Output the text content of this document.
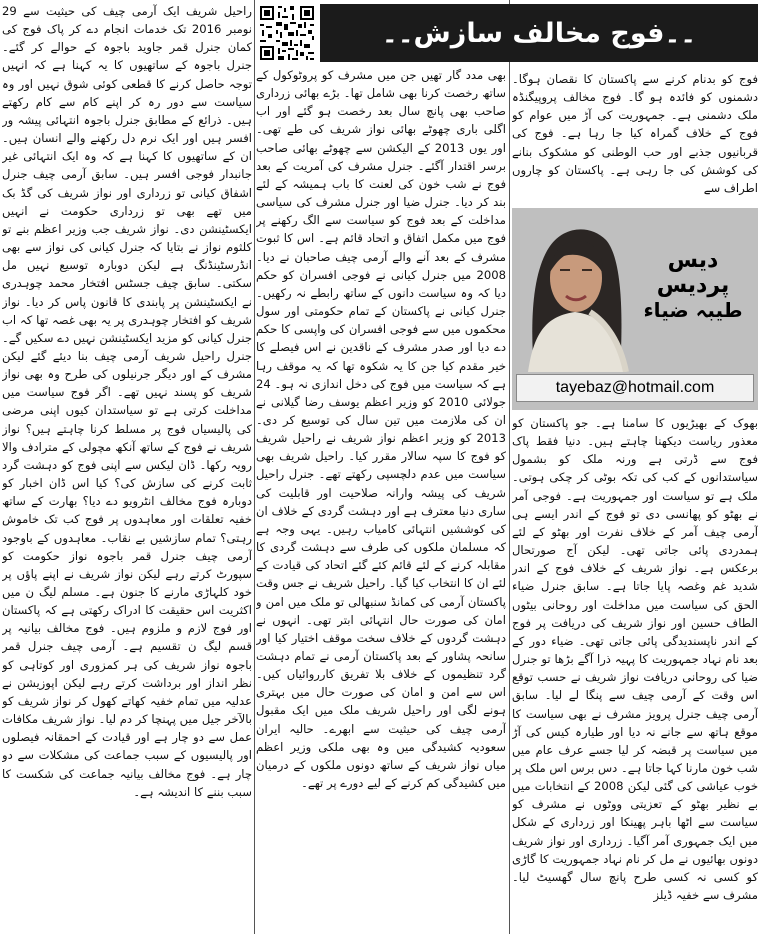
۔۔فوج مخالف سازش۔۔

فوج کو بدنام کرنے سے پاکستان کا نقصان ہوگا۔ دشمنوں کو فائدہ ہو گا۔ فوج مخالف پروپیگنڈہ ملک دشمنی ہے۔ جمہوریت کی آڑ میں عوام کو فوج کے خلاف گمراہ کیا جا رہا ہے۔ فوج کی قربانیوں جذبے اور حب الوطنی کو مشکوک بنانے کی کوشش کی جا رہی ہے۔ پاکستان کو چاروں اطراف سے

دیس پردیس
طیبہ ضیاء
tayebaz@hotmail.com

بھوک کے بھیڑیوں کا سامنا ہے۔ جو پاکستان کو معذور ریاست دیکھنا چاہتے ہیں۔ دنیا فقط پاک فوج سے ڈرتی ہے ورنہ ملک کو بشمول سیاستدانوں کے کب کی تکہ بوٹی کر چکی ہوتی۔ ملک ہے تو سیاست اور جمہوریت ہے۔ فوجی آمر نے بھٹو کو پھانسی دی تو فوج کے اندر ایسے ہی آرمی چیف آمر کے خلاف نفرت اور بھٹو کے لئے ہمدردی پائی جاتی تھی۔ لیکن آج صورتحال برعکس ہے۔ نواز شریف کے خلاف فوج کے اندر شدید غم وغصہ پایا جاتا ہے۔ سابق جنرل ضیاء الحق کی سیاست میں مداخلت اور روحانی بیٹوں الطاف حسین اور نواز شریف کی دریافت پر فوج کے اندر ناپسندیدگی پائی جاتی تھی۔ ضیاء دور کے بعد نام نہاد جمہوریت کا پہیہ ذرا آگے بڑھا تو جنرل ضیا کی روحانی دریافت نواز شریف نے حسب توقع اس وقت کے آرمی چیف سے پنگا لے لیا۔ سابق آرمی چیف جنرل پرویز مشرف نے بھی سیاست کا موقع ہاتھ سے جانے نہ دیا اور طیارہ کیس کی آڑ میں سیاست پر قبضہ کر لیا جسے عرف عام میں شب خون مارنا کہا جاتا ہے۔ دس برس اس ملک پر خوب عیاشی کی گئی لیکن 2008 کے انتخابات میں بے نظیر بھٹو کے تعزیتی ووٹوں نے مشرف کو سیاست سے اٹھا باہر پھینکا اور زرداری کے شکل میں ایک جمہوری آمر آگیا۔ زرداری اور نواز شریف دونوں بھائیوں نے مل کر نام نہاد جمہوریت کا گاڑی کو کسی نہ کسی طرح پانچ سال گھسیٹ لیا۔ مشرف سے خفیہ ڈیلز

بھی مدد گار تھیں جن میں مشرف کو پروٹوکول کے ساتھ رخصت کرنا بھی شامل تھا۔ بڑے بھائی زرداری صاحب بھی پانچ سال بعد رخصت ہو گئے اور اب اگلی باری چھوٹے بھائی نواز شریف کی طے تھی۔ اور یوں 2013 کے الیکشن سے چھوٹے بھائی صاحب برسر اقتدار آگئے۔ جنرل مشرف کی آمریت کے بعد فوج نے شب خون کی لعنت کا باب ہمیشہ کے لئے بند کر دیا۔ جنرل ضیا اور جنرل مشرف کی سیاسی مداخلت کے بعد فوج کو سیاست سے الگ رکھنے پر فوج میں مکمل اتفاق و اتحاد قائم ہے۔ اس کا ثبوت مشرف کے بعد آنے والے آرمی چیف صاحبان نے دیا۔ 2008 میں جنرل کیانی نے فوجی افسران کو حکم دیا کہ وہ سیاست دانوں کے ساتھ رابطے نہ رکھیں۔ جنرل کیانی نے پاکستان کے تمام حکومتی اور سول محکموں میں سے فوجی افسران کی واپسی کا حکم دے دیا اور صدر مشرف کے ناقدین نے اس فیصلے کا خیر مقدم کیا جن کا یہ شکوہ تھا کہ یہ موقف رہا ہے کہ سیاست میں فوج کی دخل اندازی نہ ہو۔ 24 جولائی 2010 کو وزیر اعظم یوسف رضا گیلانی نے ان کی ملازمت میں تین سال کی توسیع کر دی۔ 2013 کو وزیر اعظم نواز شریف نے راحیل شریف کو فوج کا سپہ سالار مقرر کیا۔ راحیل شریف بھی سیاست میں عدم دلچسپی رکھتے تھے۔ جنرل راحیل شریف کی پیشہ وارانہ صلاحیت اور قابلیت کی ساری دنیا معترف ہے اور دہشت گردی کے خلاف ان کی کوششیں انتہائی کامیاب رہیں۔ یہی وجہ ہے کہ مسلمان ملکوں کی طرف سے دہشت گردی کا مقابلہ کرنے کے لئے قائم کئے گئے اتحاد کی قیادت کے لئے ان کا انتخاب کیا گیا۔ راحیل شریف نے جس وقت پاکستان آرمی کی کمانڈ سنبھالی تو ملک میں امن و امان کی صورت حال انتہائی ابتر تھی۔ انہوں نے دہشت گردوں کے خلاف سخت موقف اختیار کیا اور سانحہ پشاور کے بعد پاکستان آرمی نے تمام دہشت گرد تنظیموں کے خلاف بلا تفریق کارروائیاں کیں۔ اس سے امن و امان کی صورت حال میں بہتری ہونے لگی اور راحیل شریف ملک میں ایک مقبول آرمی چیف کی حیثیت سے ابھرے۔ حالیہ ایران سعودیہ کشیدگی میں وہ بھی ملکی وزیر اعظم میاں نواز شریف کے ساتھ دونوں ملکوں کے درمیان میں کشیدگی کم کرنے کے لیے دورے پر تھے۔

راحیل شریف ایک آرمی چیف کی حیثیت سے 29 نومبر 2016 تک خدمات انجام دے کر پاک فوج کی کمان جنرل قمر جاوید باجوہ کے حوالے کر گئے۔ جنرل باجوہ کے ساتھیوں کا یہ کہنا ہے کہ انہیں توجہ حاصل کرنے کا قطعی کوئی شوق نہیں اور وہ سیاست سے دور رہ کر اپنے کام سے کام رکھتے ہیں۔ ذرائع کے مطابق جنرل باجوہ انتہائی پیشہ ور افسر ہیں اور ایک نرم دل رکھنے والے انسان ہیں۔ ان کے ساتھیوں کا کہنا ہے کہ وہ ایک انتہائی غیر جانبدار فوجی افسر ہیں۔ سابق آرمی چیف جنرل اشفاق کیانی تو زرداری اور نواز شریف کی گڈ بک میں تھے بھی تو زرداری حکومت نے انہیں ایکسٹینشن دی۔ نواز شریف جب وزیر اعظم بنے تو کلثوم نواز نے بتایا کہ جنرل کیانی کی نواز سے بھی انڈرسٹینڈنگ ہے لیکن دوبارہ توسیع نہیں مل سکتی۔ سابق چیف جسٹس افتخار محمد چوہدری نے ایکسٹینشن پر پابندی کا قانون پاس کر دیا۔ نواز شریف کو افتخار چوہدری پر یہ بھی غصہ تھا کہ اب جنرل کیانی کو مزید ایکسٹینشن نہیں دے سکیں گے۔ جنرل راحیل شریف آرمی چیف بنا دیئے گئے لیکن مشرف کے اور دیگر جرنیلوں کی طرح وہ بھی نواز شریف کو پسند نہیں تھے۔ اگر فوج سیاست میں مداخلت کرتی ہے تو سیاستدان کیوں اپنی مرضی کی پالیسیاں فوج پر مسلط کرنا چاہتے ہیں؟ نواز شریف نے فوج کے ساتھ آنکھ مچولی کے مترادف والا رویہ رکھا۔ ڈان لیکس سے اپنی فوج کو دہشت گرد ثابت کرنے کی سازش کی؟ کیا اس ڈان اخبار کو دوبارہ فوج مخالف انٹرویو دے دیا؟ بھارت کے ساتھ خفیہ تعلقات اور معاہدوں پر فوج کب تک خاموش رہتی؟ تمام سازشیں بے نقاب۔ معاہدوں کے باوجود آرمی چیف جنرل قمر باجوہ نواز حکومت کو سپورٹ کرتے رہے لیکن نواز شریف نے اپنے پاؤں پر خود کلہاڑی مارنے کا جنون ہے۔ مسلم لیگ ن میں اکثریت اس حقیقت کا ادراک رکھتی ہے کہ پاکستان اور فوج لازم و ملزوم ہیں۔ فوج مخالف بیانیہ پر قسم لیگ ن تقسیم ہے۔ آرمی چیف جنرل قمر باجوہ نواز شریف کی ہر کمزوری اور کوتاہی کو نظر انداز اور برداشت کرتے رہے لیکن اپوزیشن نے عدلیہ میں تمام خفیہ کھاتے کھول کر نواز شریف کو بالآخر جیل میں پہنچا کر دم لیا۔ نواز شریف مکافات عمل سے دو چار ہے اور قیادت کے احمقانہ فیصلوں اور پالیسیوں کے سبب جماعت کی مشکلات سے دو چار ہے۔ فوج مخالف بیانیہ جماعت کی شکست کا سبب بننے کا اندیشہ ہے۔
